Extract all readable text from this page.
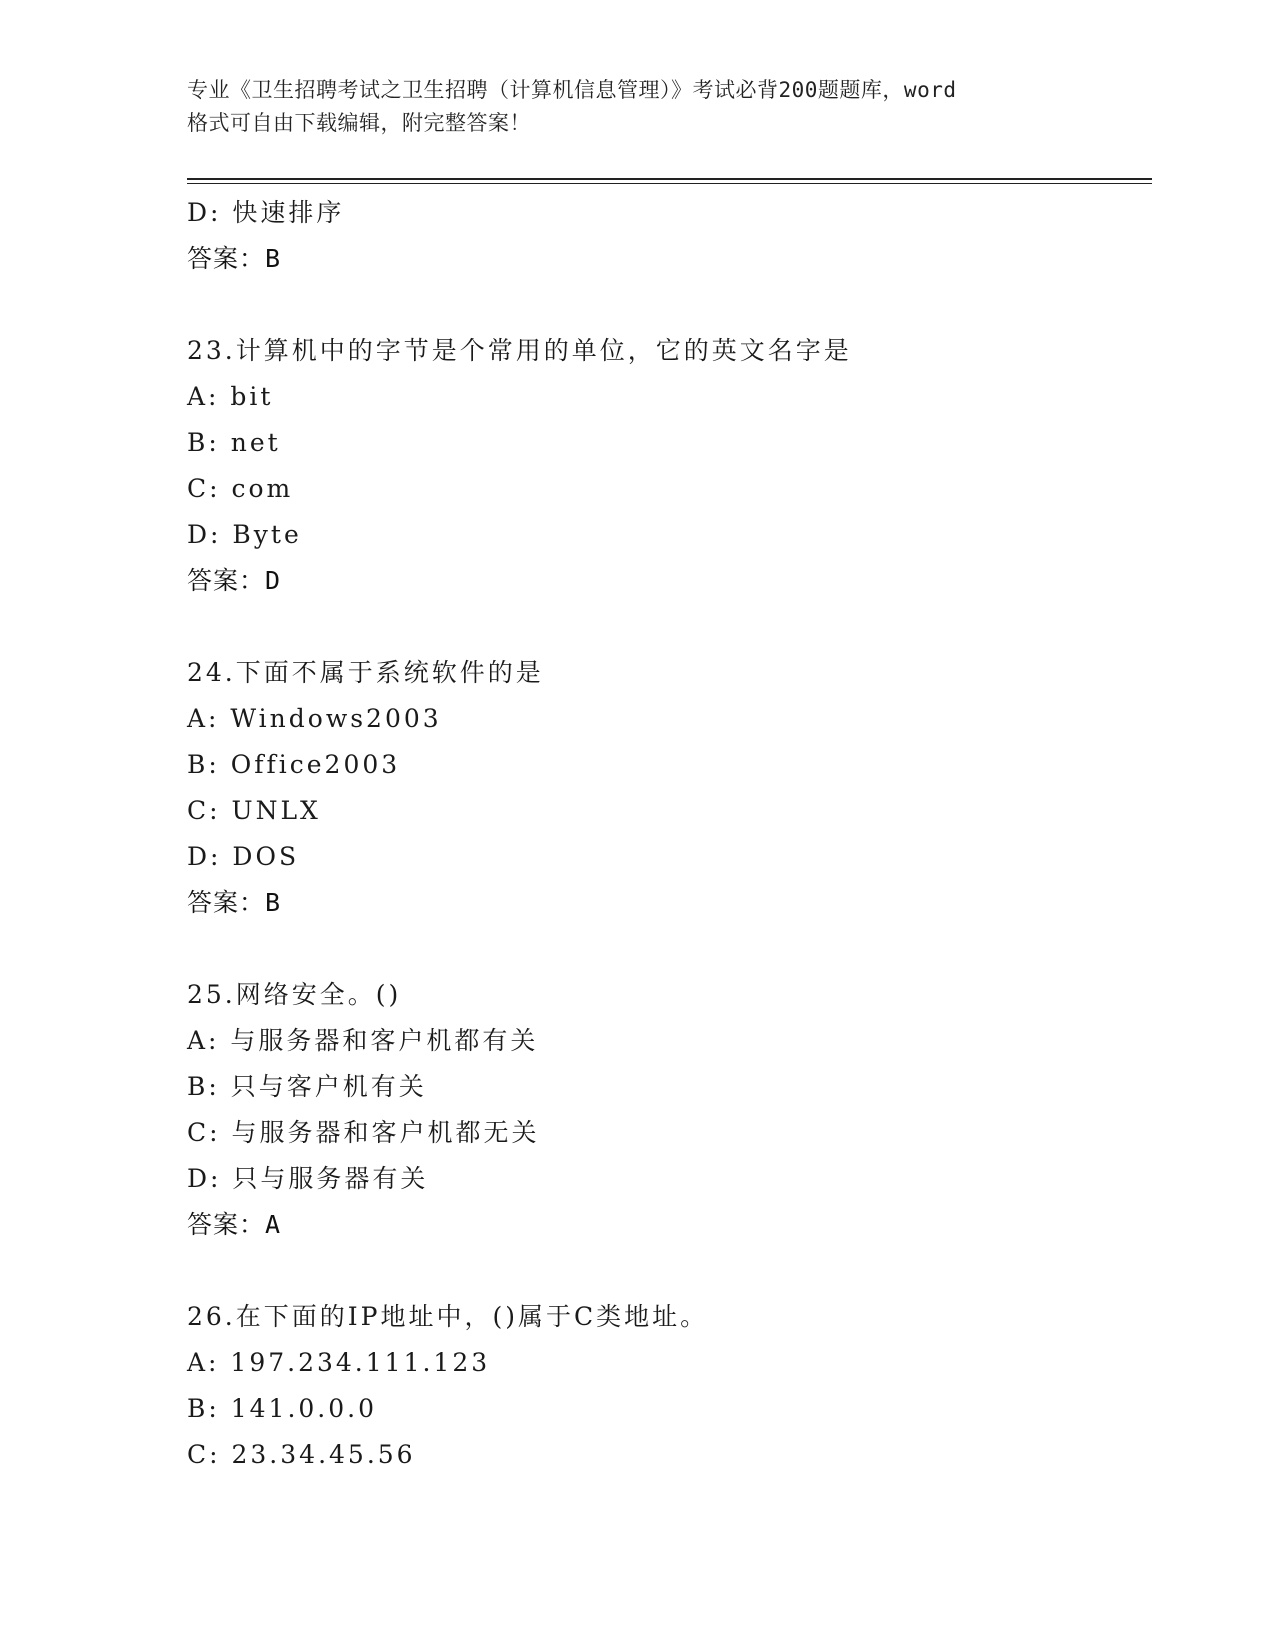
专业《卫生招聘考试之卫生招聘（计算机信息管理）》考试必背200题题库，word
格式可自由下载编辑，附完整答案！
D: 快速排序
答案：B
23.计算机中的字节是个常用的单位，它的英文名字是
A: bit
B: net
C: com
D: Byte
答案：D
24.下面不属于系统软件的是
A: Windows2003
B: Office2003
C: UNLX
D: DOS
答案：B
25.网络安全。()
A: 与服务器和客户机都有关
B: 只与客户机有关
C: 与服务器和客户机都无关
D: 只与服务器有关
答案：A
26.在下面的IP地址中，()属于C类地址。
A: 197.234.111.123
B: 141.0.0.0
C: 23.34.45.56
